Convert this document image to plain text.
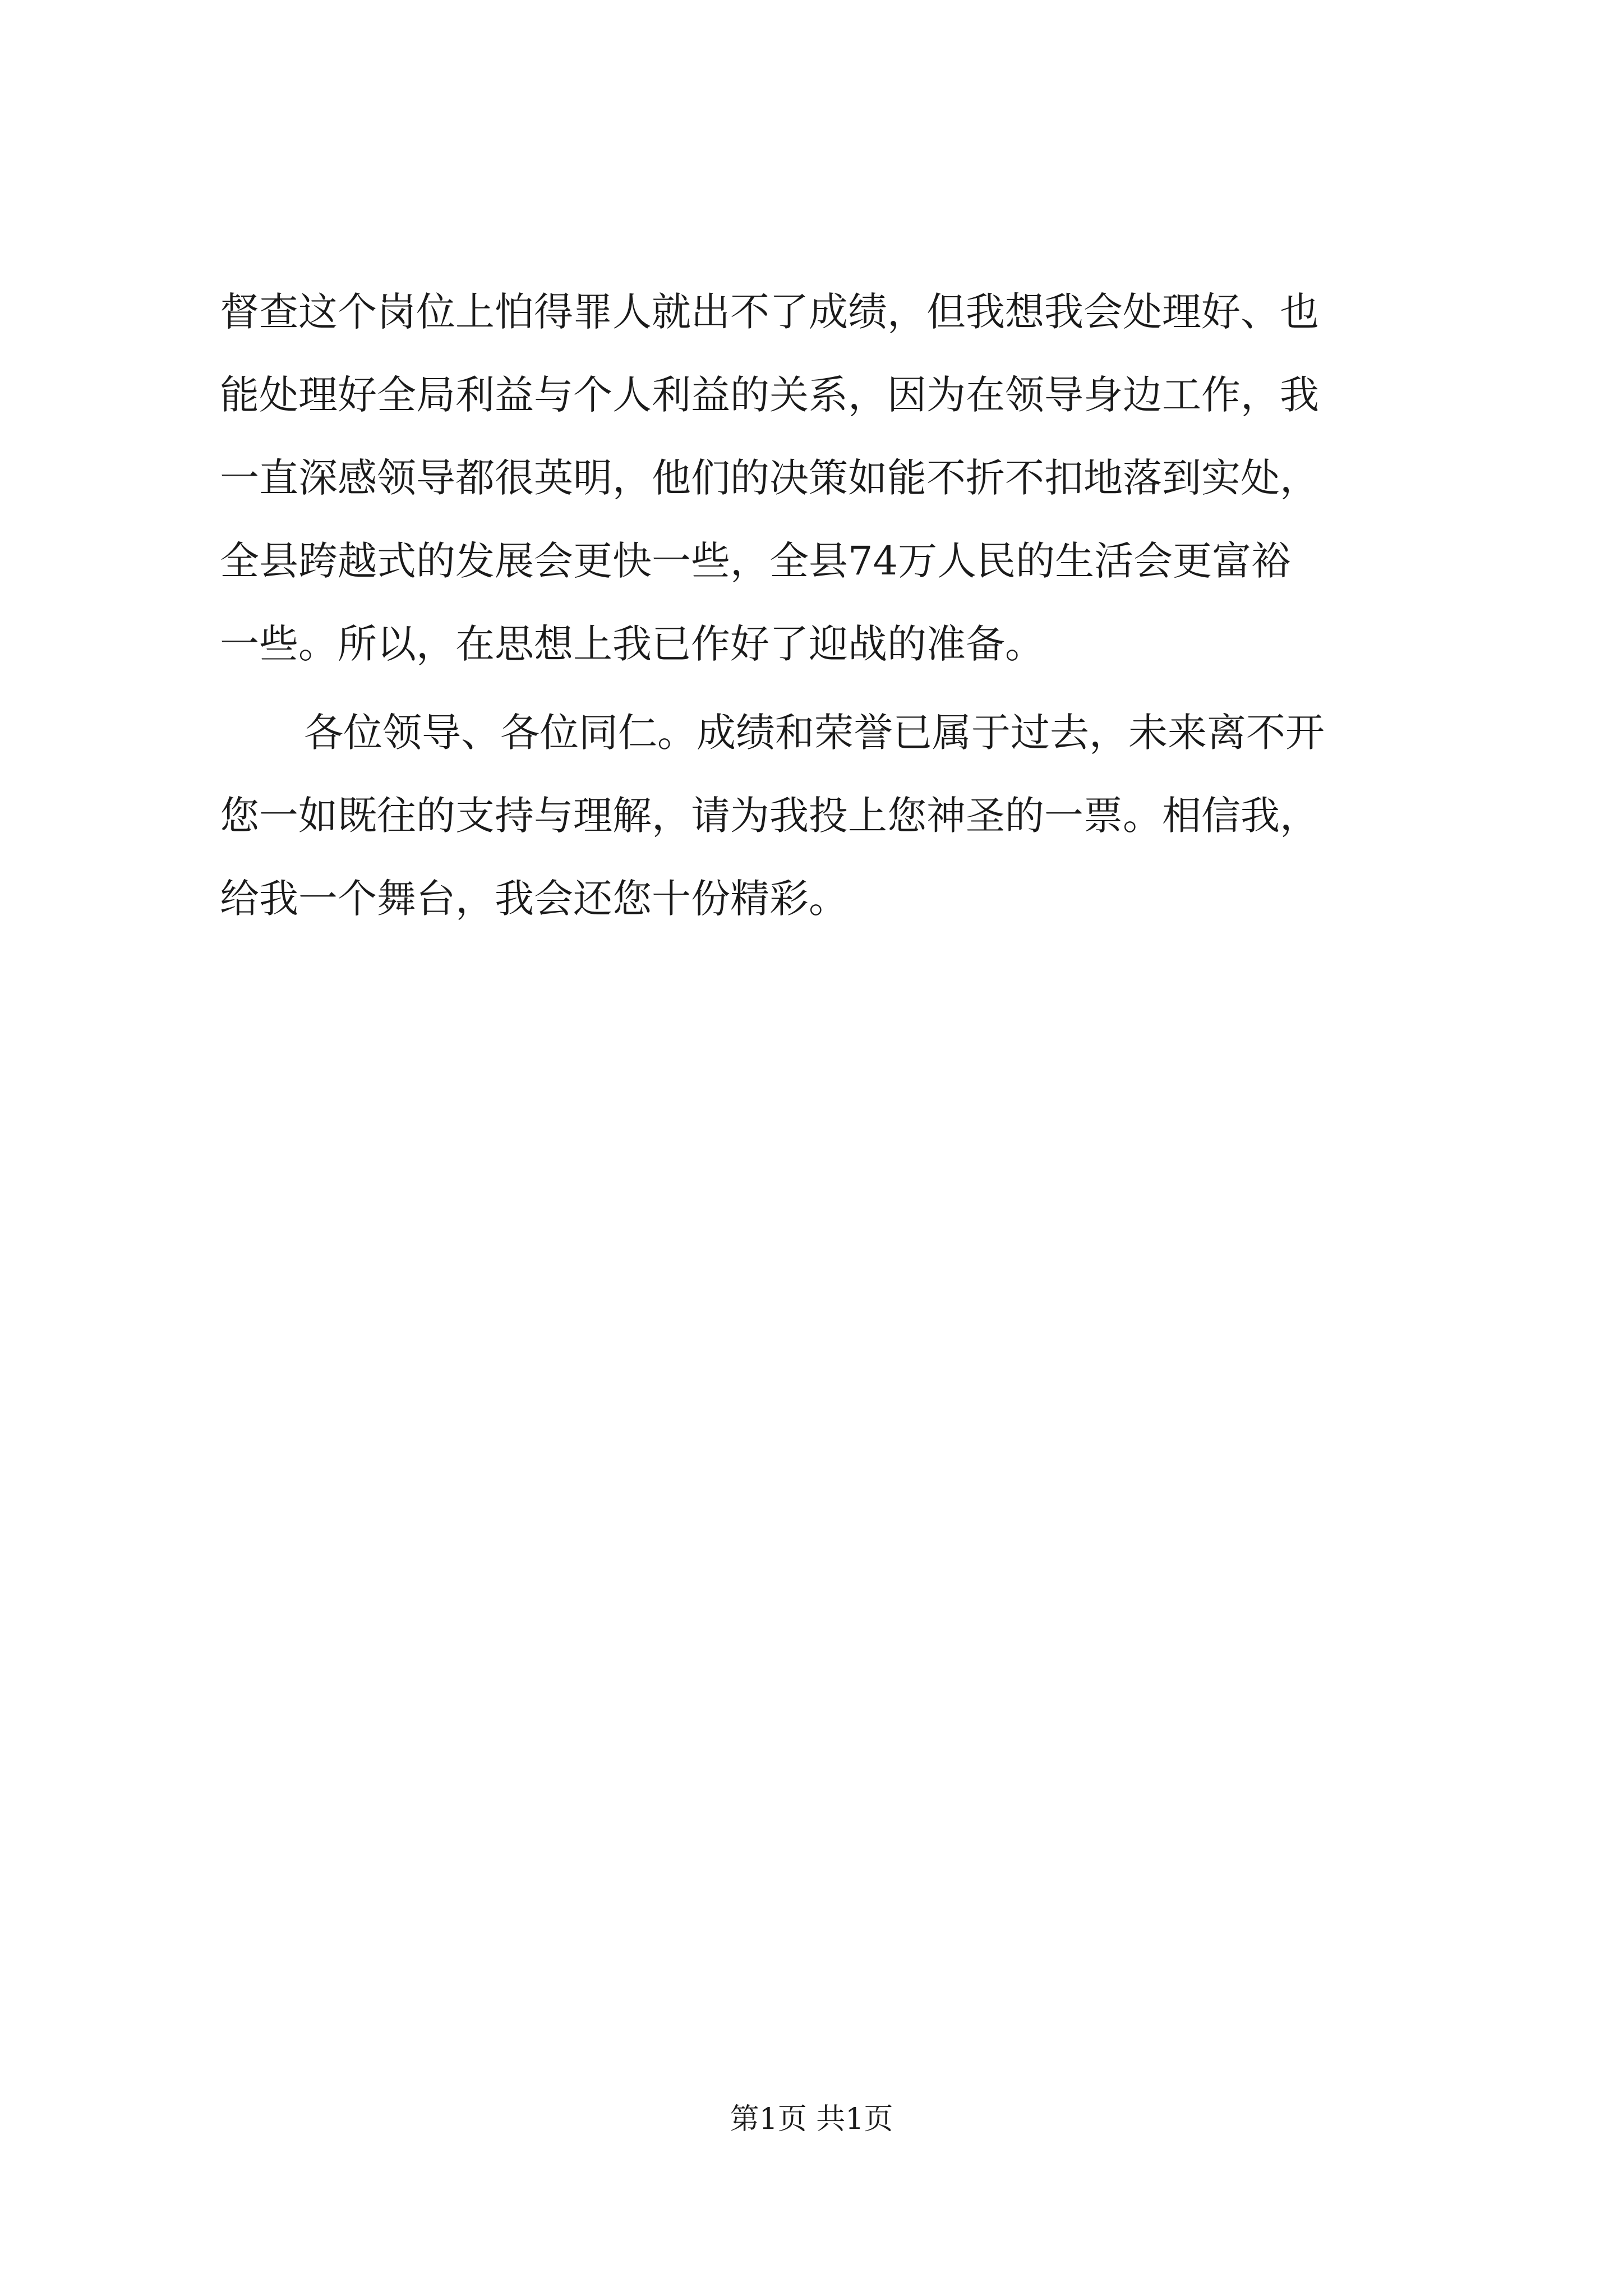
督查这个岗位上怕得罪人就出不了成绩，但我想我会处理好、也
能处理好全局利益与个人利益的关系，因为在领导身边工作，我
一直深感领导都很英明，他们的决策如能不折不扣地落到实处，
全县跨越式的发展会更快一些，全县74万人民的生活会更富裕
一些。所以，在思想上我已作好了迎战的准备。
各位领导、各位同仁。成绩和荣誉已属于过去，未来离不开
您一如既往的支持与理解，请为我投上您神圣的一票。相信我，
给我一个舞台，我会还您十份精彩。
第1页 共1页
